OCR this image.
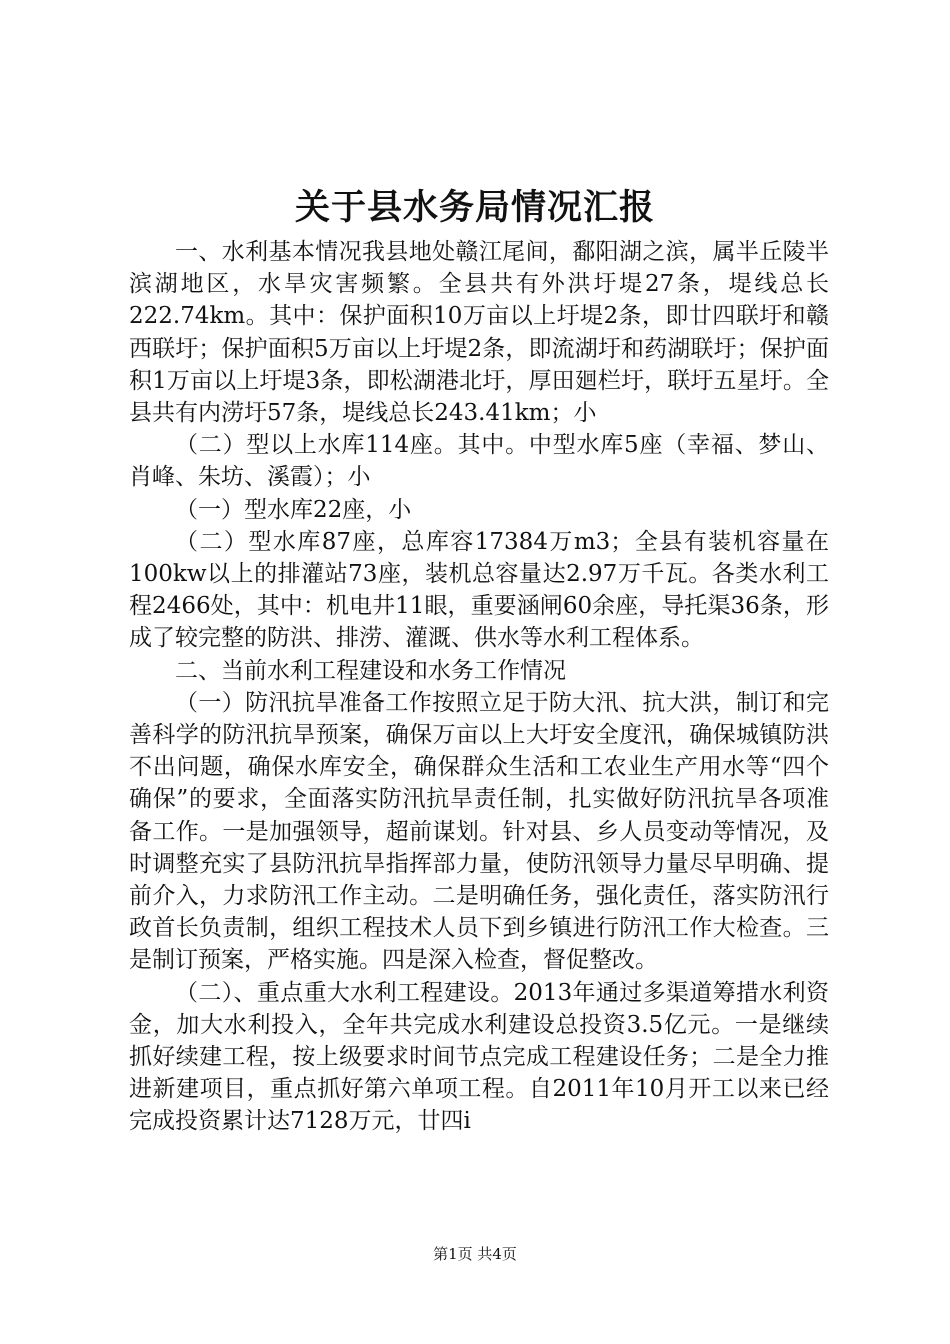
关于县水务局情况汇报

一、水利基本情况我县地处赣江尾间，鄱阳湖之滨，属半丘陵半滨湖地区，水旱灾害频繁。全县共有外洪圩堤27条，堤线总长222.74km。其中：保护面积10万亩以上圩堤2条，即廿四联圩和赣西联圩；保护面积5万亩以上圩堤2条，即流湖圩和药湖联圩；保护面积1万亩以上圩堤3条，即松湖港北圩，厚田廻栏圩，联圩五星圩。全县共有内涝圩57条，堤线总长243.41km；小

（二）型以上水库114座。其中。中型水库5座（幸福、梦山、肖峰、朱坊、溪霞）；小

（一）型水库22座，小

（二）型水库87座，总库容17384万m3；全县有装机容量在100kw以上的排灌站73座，装机总容量达2.97万千瓦。各类水利工程2466处，其中：机电井11眼，重要涵闸60余座，导托渠36条，形成了较完整的防洪、排涝、灌溉、供水等水利工程体系。

二、当前水利工程建设和水务工作情况

（一）防汛抗旱准备工作按照立足于防大汛、抗大洪，制订和完善科学的防汛抗旱预案，确保万亩以上大圩安全度汛，确保城镇防洪不出问题，确保水库安全，确保群众生活和工农业生产用水等“四个确保”的要求，全面落实防汛抗旱责任制，扎实做好防汛抗旱各项准备工作。一是加强领导，超前谋划。针对县、乡人员变动等情况，及时调整充实了县防汛抗旱指挥部力量，使防汛领导力量尽早明确、提前介入，力求防汛工作主动。二是明确任务，强化责任，落实防汛行政首长负责制，组织工程技术人员下到乡镇进行防汛工作大检查。三是制订预案，严格实施。四是深入检查，督促整改。

（二）、重点重大水利工程建设。2013年通过多渠道筹措水利资金，加大水利投入，全年共完成水利建设总投资3.5亿元。一是继续抓好续建工程，按上级要求时间节点完成工程建设任务；二是全力推进新建项目，重点抓好第六单项工程。自2011年10月开工以来已经完成投资累计达7128万元，廿四i

第1页 共4页
